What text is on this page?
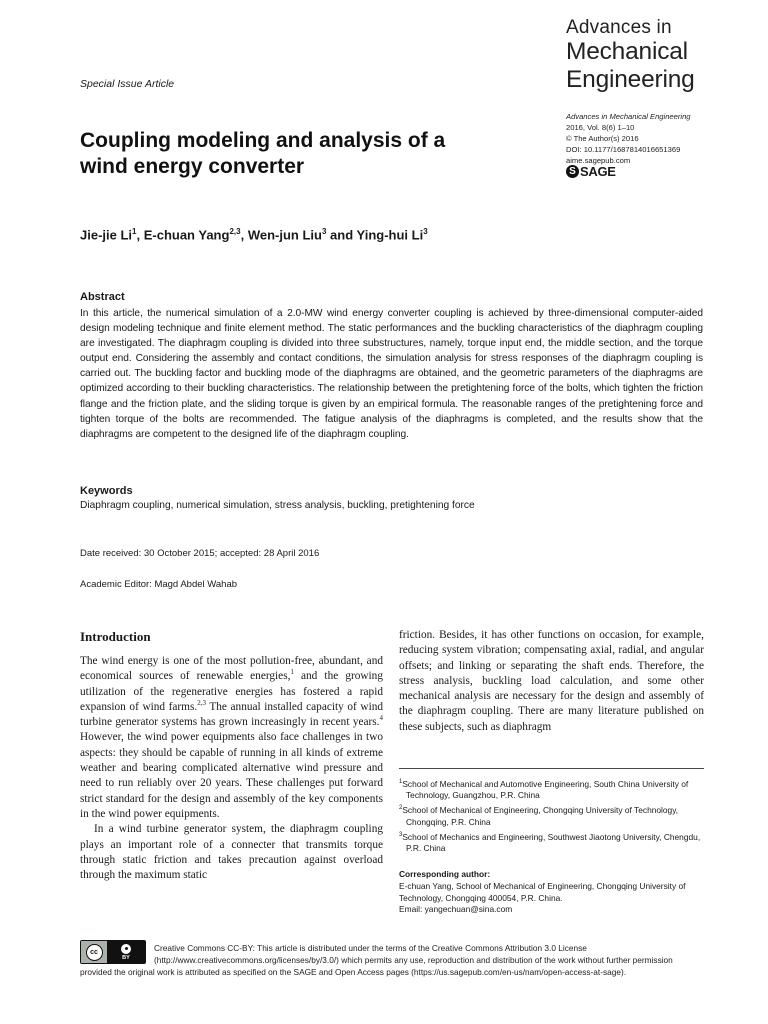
Advances in
Mechanical
Engineering
Special Issue Article
Advances in Mechanical Engineering
2016, Vol. 8(6) 1–10
© The Author(s) 2016
DOI: 10.1177/1687814016651369
aime.sagepub.com
S SAGE
Coupling modeling and analysis of a
wind energy converter
Jie-jie Li$^1$, E-chuan Yang$^{2,3}$, Wen-jun Liu$^3$ and Ying-hui Li$^3$
Abstract
In this article, the numerical simulation of a 2.0-MW wind energy converter coupling is achieved by three-dimensional computer-aided design modeling technique and finite element method. The static performances and the buckling characteristics of the diaphragm coupling are investigated. The diaphragm coupling is divided into three substructures, namely, torque input end, the middle section, and the torque output end. Considering the assembly and contact conditions, the simulation analysis for stress responses of the diaphragm coupling is carried out. The buckling factor and buckling mode of the diaphragms are obtained, and the geometric parameters of the diaphragms are optimized according to their buckling characteristics. The relationship between the pretightening force of the bolts, which tighten the friction flange and the friction plate, and the sliding torque is given by an empirical formula. The reasonable ranges of the pretightening force and tighten torque of the bolts are recommended. The fatigue analysis of the diaphragms is completed, and the results show that the diaphragms are competent to the designed life of the diaphragm coupling.
Keywords
Diaphragm coupling, numerical simulation, stress analysis, buckling, pretightening force
Date received: 30 October 2015; accepted: 28 April 2016
Academic Editor: Magd Abdel Wahab
Introduction

The wind energy is one of the most pollution-free, abundant, and economical sources of renewable energies,$^1$ and the growing utilization of the regenerative energies has fostered a rapid expansion of wind farms.$^{2,3}$ The annual installed capacity of wind turbine generator systems has grown increasingly in recent years.$^4$ However, the wind power equipments also face challenges in two aspects: they should be capable of running in all kinds of extreme weather and bearing complicated alternative wind pressure and need to run reliably over 20 years. These challenges put forward strict standard for the design and assembly of the key components in the wind power equipments.

In a wind turbine generator system, the diaphragm coupling plays an important role of a connecter that transmits torque through static friction and takes precaution against overload through the maximum static

friction. Besides, it has other functions on occasion, for example, reducing system vibration; compensating axial, radial, and angular offsets; and linking or separating the shaft ends. Therefore, the stress analysis, buckling load calculation, and some other mechanical analysis are necessary for the design and assembly of the diaphragm coupling. There are many literature published on these subjects, such as diaphragm
$^1$School of Mechanical and Automotive Engineering, South China University of Technology, Guangzhou, P.R. China
$^2$School of Mechanical of Engineering, Chongqing University of Technology, Chongqing, P.R. China
$^3$School of Mechanics and Engineering, Southwest Jiaotong University, Chengdu, P.R. China
Corresponding author:
E-chuan Yang, School of Mechanical of Engineering, Chongqing University of Technology, Chongqing 400054, P.R. China.
Email: yangechuan@sina.com
cc
BY
Creative Commons CC-BY: This article is distributed under the terms of the Creative Commons Attribution 3.0 License (http://www.creativecommons.org/licenses/by/3.0/) which permits any use, reproduction and distribution of the work without further permission provided the original work is attributed as specified on the SAGE and Open Access pages (https://us.sagepub.com/en-us/nam/open-access-at-sage).
